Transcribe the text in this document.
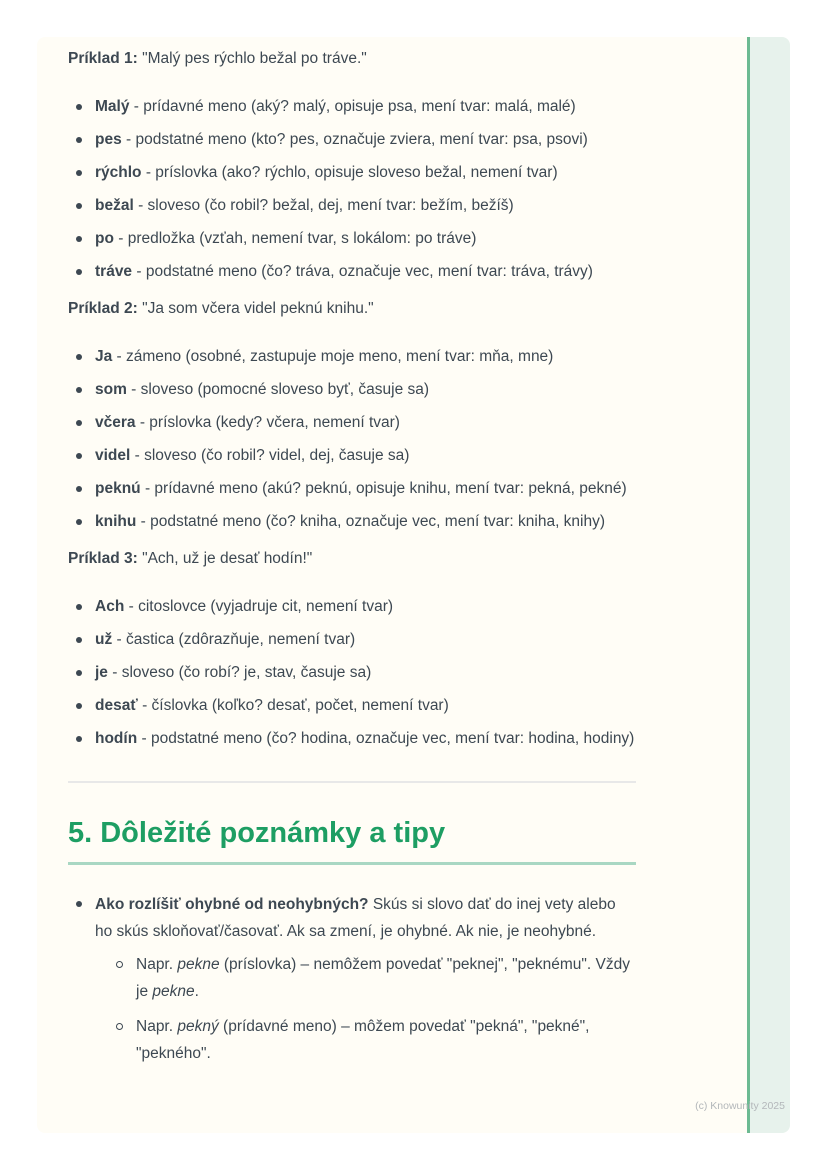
Príklad 1: "Malý pes rýchlo bežal po tráve."

Malý - prídavné meno (aký? malý, opisuje psa, mení tvar: malá, malé)
pes - podstatné meno (kto? pes, označuje zviera, mení tvar: psa, psovi)
rýchlo - príslovka (ako? rýchlo, opisuje sloveso bežal, nemení tvar)
bežal - sloveso (čo robil? bežal, dej, mení tvar: bežím, bežíš)
po - predložka (vzťah, nemení tvar, s lokálom: po tráve)
tráve - podstatné meno (čo? tráva, označuje vec, mení tvar: tráva, trávy)

Príklad 2: "Ja som včera videl peknú knihu."

Ja - zámeno (osobné, zastupuje moje meno, mení tvar: mňa, mne)
som - sloveso (pomocné sloveso byť, časuje sa)
včera - príslovka (kedy? včera, nemení tvar)
videl - sloveso (čo robil? videl, dej, časuje sa)
peknú - prídavné meno (akú? peknú, opisuje knihu, mení tvar: pekná, pekné)
knihu - podstatné meno (čo? kniha, označuje vec, mení tvar: kniha, knihy)

Príklad 3: "Ach, už je desať hodín!"

Ach - citoslovce (vyjadruje cit, nemení tvar)
už - častica (zdôrazňuje, nemení tvar)
je - sloveso (čo robí? je, stav, časuje sa)
desať - číslovka (koľko? desať, počet, nemení tvar)
hodín - podstatné meno (čo? hodina, označuje vec, mení tvar: hodina, hodiny)
5. Dôležité poznámky a tipy
Ako rozlíšiť ohybné od neohybných? Skús si slovo dať do inej vety alebo ho skús skloňovať/časovať. Ak sa zmení, je ohybné. Ak nie, je neohybné.
Napr. pekne (príslovka) – nemôžem povedať "peknej", "peknému". Vždy je pekne.
Napr. pekný (prídavné meno) – môžem povedať "pekná", "pekné", "pekného".
(c) Knowunity 2025
